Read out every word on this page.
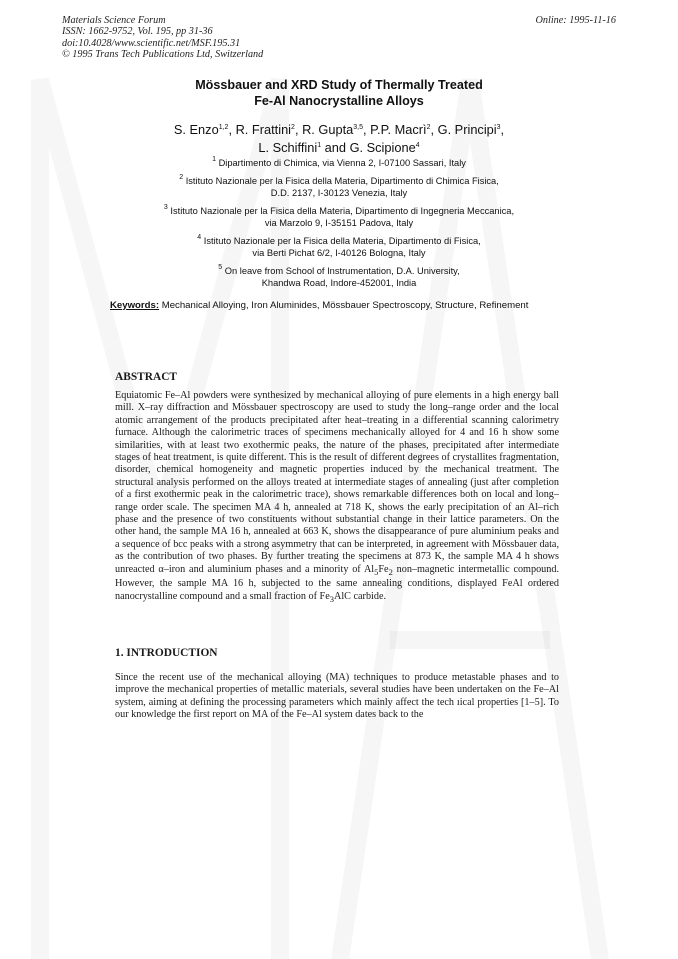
Materials Science Forum
ISSN: 1662-9752, Vol. 195, pp 31-36
doi:10.4028/www.scientific.net/MSF.195.31
© 1995 Trans Tech Publications Ltd, Switzerland
Online: 1995-11-16
Mössbauer and XRD Study of Thermally Treated
Fe-Al Nanocrystalline Alloys
S. Enzo$^{1,2}$, R. Frattini$^2$, R. Gupta$^{3,5}$, P.P. Macrì$^2$, G. Principi$^3$,
L. Schiffini$^1$ and G. Scipione$^4$
$^1$ Dipartimento di Chimica, via Vienna 2, I-07100 Sassari, Italy
$^2$ Istituto Nazionale per la Fisica della Materia, Dipartimento di Chimica Fisica,
D.D. 2137, I-30123 Venezia, Italy
$^3$ Istituto Nazionale per la Fisica della Materia, Dipartimento di Ingegneria Meccanica,
via Marzolo 9, I-35151 Padova, Italy
$^4$ Istituto Nazionale per la Fisica della Materia, Dipartimento di Fisica,
via Berti Pichat 6/2, I-40126 Bologna, Italy
$^5$ On leave from School of Instrumentation, D.A. University,
Khandwa Road, Indore-452001, India
Keywords: Mechanical Alloying, Iron Aluminides, Mössbauer Spectroscopy, Structure, Refinement
ABSTRACT
Equiatomic Fe–Al powders were synthesized by mechanical alloying of pure elements in a high energy ball mill. X–ray diffraction and Mössbauer spectroscopy are used to study the long–range order and the local atomic arrangement of the products precipitated after heat–treating in a differential scanning calorimetry furnace. Although the calorimetric traces of specimens mechanically alloyed for 4 and 16 h show some similarities, with at least two exothermic peaks, the nature of the phases, precipitated after intermediate stages of heat treatment, is quite different. This is the result of different degrees of crystallites fragmentation, disorder, chemical homogeneity and magnetic properties induced by the mechanical treatment. The structural analysis performed on the alloys treated at intermediate stages of annealing (just after completion of a first exothermic peak in the calorimetric trace), shows remarkable differences both on local and long–range order scale. The specimen MA 4 h, annealed at 718 K, shows the early precipitation of an Al–rich phase and the presence of two constituents without substantial change in their lattice parameters. On the other hand, the sample MA 16 h, annealed at 663 K, shows the disappearance of pure aluminium peaks and a sequence of bcc peaks with a strong asymmetry that can be interpreted, in agreement with Mössbauer data, as the contribution of two phases. By further treating the specimens at 873 K, the sample MA 4 h shows unreacted α–iron and aluminium phases and a minority of $Al_5Fe_2$ non–magnetic intermetallic compound. However, the sample MA 16 h, subjected to the same annealing conditions, displayed FeAl ordered nanocrystalline compound and a small fraction of $Fe_3AlC$ carbide.
1. INTRODUCTION
Since the recent use of the mechanical alloying (MA) techniques to produce metastable phases and to improve the mechanical properties of metallic materials, several studies have been undertaken on the Fe–Al system, aiming at defining the processing parameters which mainly affect the tech ıical properties [1–5]. To our knowledge the first report on MA of the Fe–Al system dates back to the
